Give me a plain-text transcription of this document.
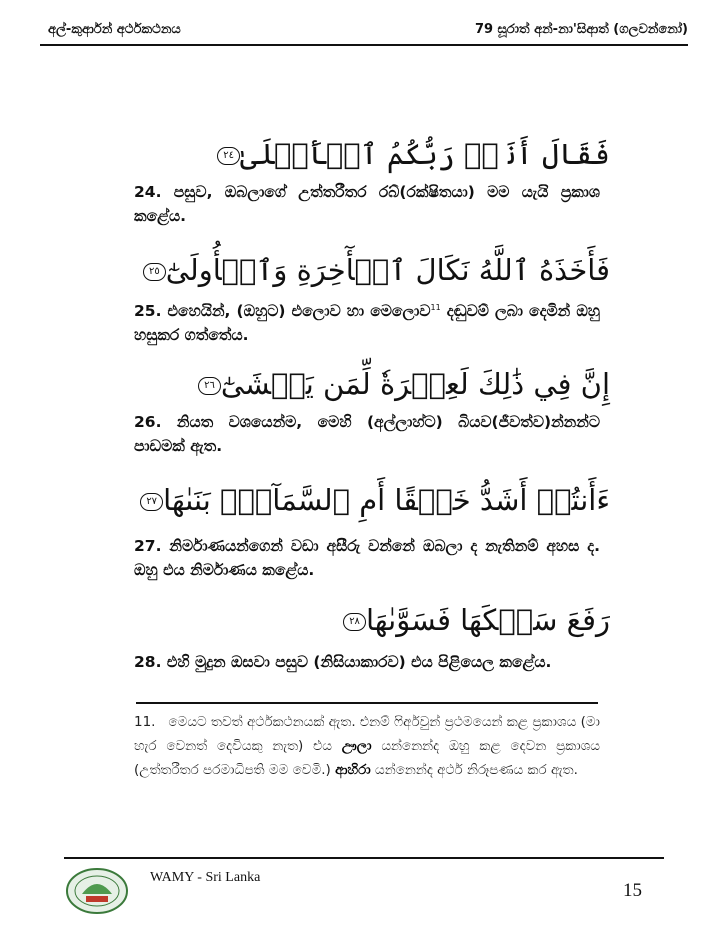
අල්-කුර්ආන් අර්ථකථනය	79 සූරාත් අන්-නා'සිආත් (ගලවන්නෝ)
فَقَالَ أَنَا۠ رَبُّكُمُ ٱلۡأَعۡلَىٰ٢٤
24. පසුව, ඔබලාගේ උත්තරීතර රබ්(රක්ෂිතයා) මම යැයි ප්‍රකාශ කළේය.
فَأَخَذَهُ ٱللَّهُ نَكَالَ ٱلۡأٓخِرَةِ وَٱلۡأُولَىٰٓ٢٥
25. එහෙයින්, (ඔහුට) එලොව හා මෙලොව$^{11}$ දඬුවම් ලබා දෙමින් ඔහු හසුකර ගත්තේය.
إِنَّ فِي ذَٰلِكَ لَعِبۡرَةٗ لِّمَن يَخۡشَىٰٓ٢٦
26. නියත වශයෙන්ම, මෙහි (අල්ලාහ්ට) බියව(ජීවත්ව)න්නන්ට පාඩමක් ඇත.
ءَأَنتُمۡ أَشَدُّ خَلۡقًا أَمِ ٱلسَّمَآءُۚ بَنَىٰهَا٢٧
27. නිර්මාණයන්ගෙන් වඩා අසීරු වන්නේ ඔබලා ද නැතිනම් අහස ද. ඔහු එය නිර්මාණය කළේය.
رَفَعَ سَمۡكَهَا فَسَوَّىٰهَا٢٨
28. එහි මුදුන ඔසවා පසුව (නිසියාකාරව) එය පිළියෙල කළේය.
11. මෙයට තවත් අර්ථකථනයක් ඇත. එනම් ෆිර්අවුන් ප්‍රථමයෙන් කළ ප්‍රකාශය (මා හැර වෙනත් දෙවියකු නැත) එය ඌලා යන්නෙන්ද ඔහු කළ දෙවන ප්‍රකාශය (උත්තරීතර පරමාධිපති මම වෙමි.) ආහිරා යන්නෙන්ද අර්ථ නිරූපණය කර ඇත.
WAMY - Sri Lanka
15
